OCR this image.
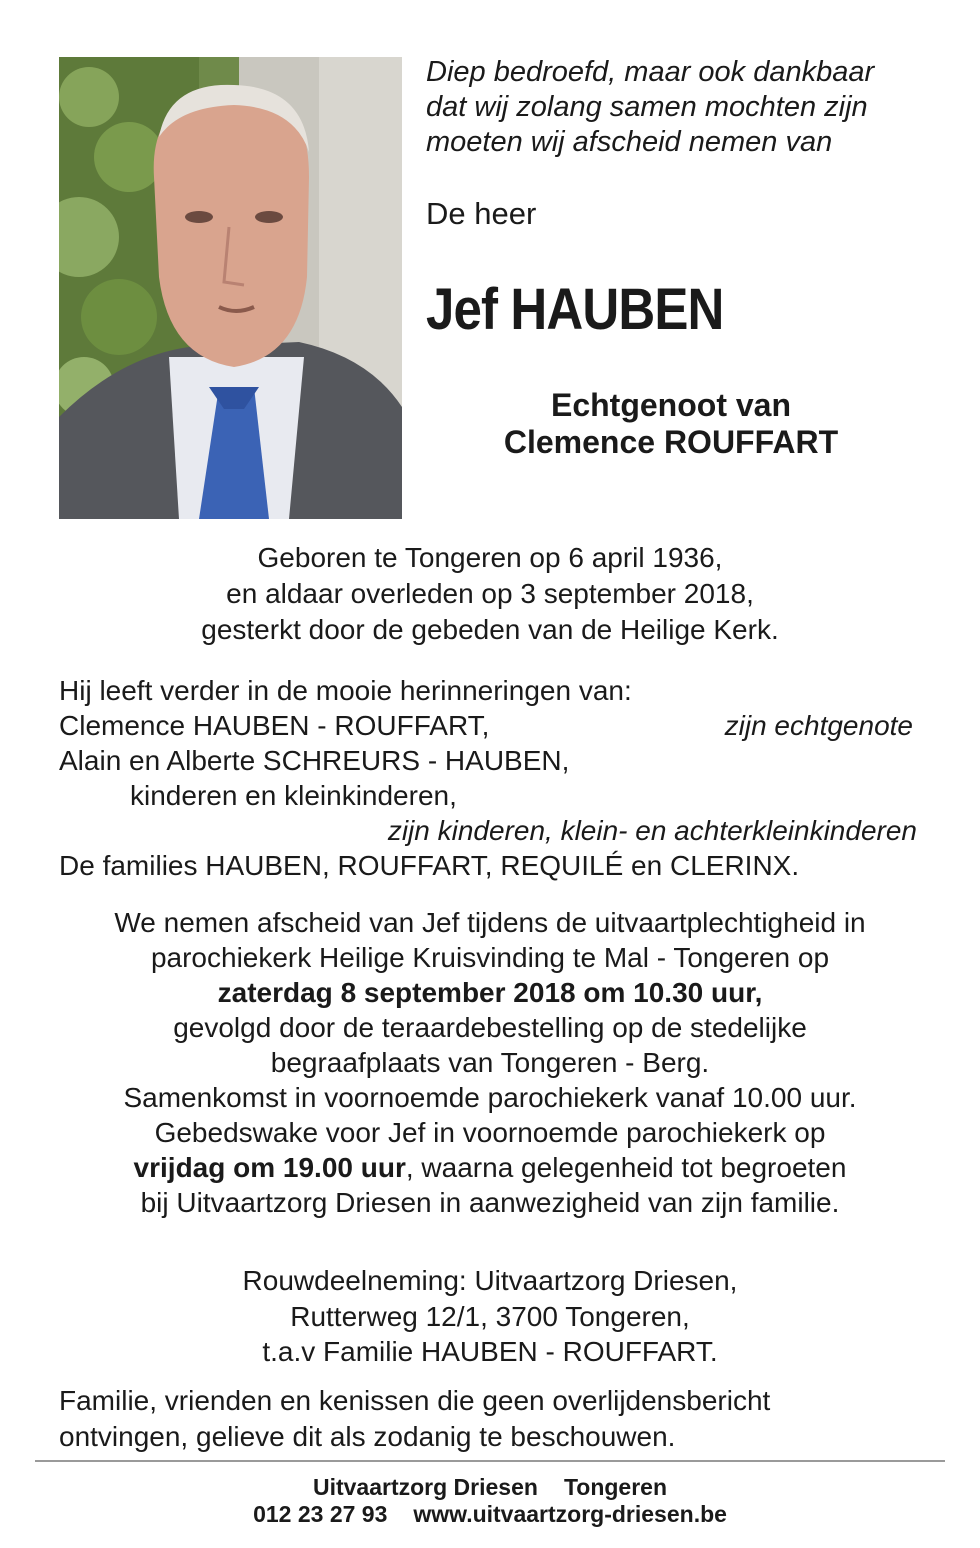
Diep bedroefd, maar ook dankbaar
dat wij zolang samen mochten zijn
moeten wij afscheid nemen van

De heer

Jef HAUBEN

Echtgenoot van
Clemence ROUFFART

Geboren te Tongeren op 6 april 1936,
en aldaar overleden op 3 september 2018,
gesterkt door de gebeden van de Heilige Kerk.

Hij leeft verder in de mooie herinneringen van:
Clemence HAUBEN - ROUFFART,	zijn echtgenote
Alain en Alberte SCHREURS - HAUBEN,
kinderen en kleinkinderen,
zijn kinderen, klein- en achterkleinkinderen
De families HAUBEN, ROUFFART, REQUILÉ en CLERINX.

We nemen afscheid van Jef tijdens de uitvaartplechtigheid in
parochiekerk Heilige Kruisvinding te Mal - Tongeren op
zaterdag 8 september 2018 om 10.30 uur,
gevolgd door de teraardebestelling op de stedelijke
begraafplaats van Tongeren - Berg.
Samenkomst in voornoemde parochiekerk vanaf 10.00 uur.
Gebedswake voor Jef in voornoemde parochiekerk op
vrijdag om 19.00 uur, waarna gelegenheid tot begroeten
bij Uitvaartzorg Driesen in aanwezigheid van zijn familie.

Rouwdeelneming: Uitvaartzorg Driesen,
Rutterweg 12/1, 3700 Tongeren,
t.a.v Familie HAUBEN - ROUFFART.

Familie, vrienden en kenissen die geen overlijdensbericht
ontvingen, gelieve dit als zodanig te beschouwen.

Uitvaartzorg Driesen Tongeren
012 23 27 93 www.uitvaartzorg-driesen.be
